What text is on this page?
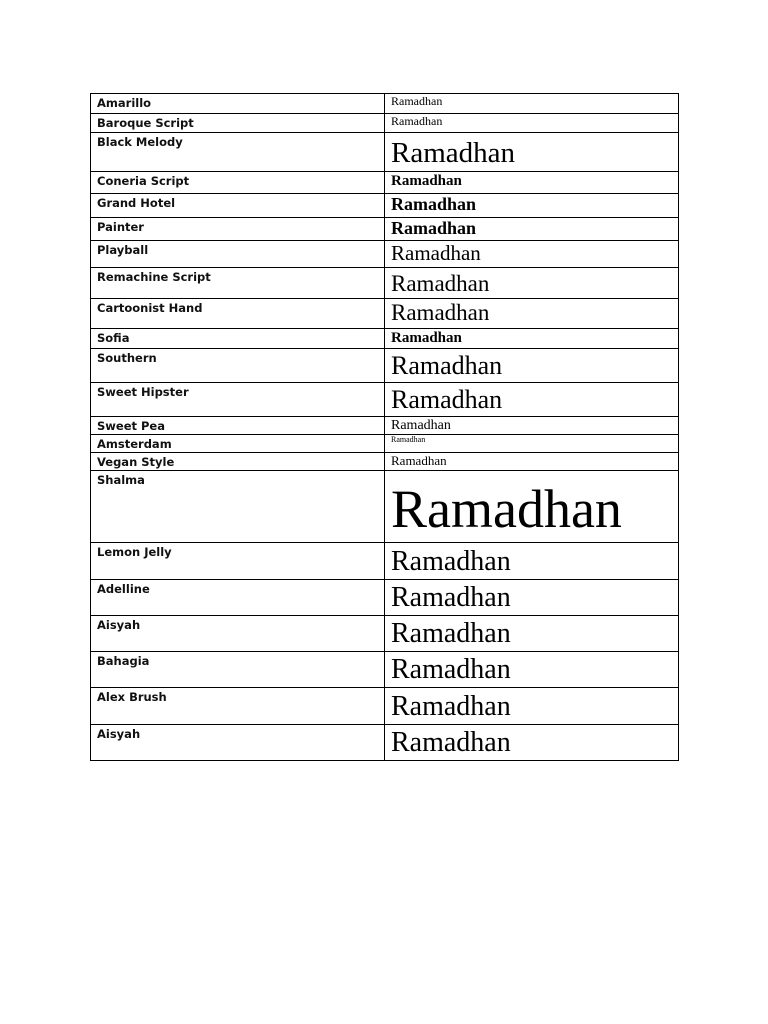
Amarillo	Ramadhan

Baroque Script	Ramadhan

Black Melody	Ramadhan

Coneria Script	Ramadhan

Grand Hotel	Ramadhan

Painter	Ramadhan

Playball	Ramadhan

Remachine Script	Ramadhan

Cartoonist Hand	Ramadhan

Sofia	Ramadhan

Southern	Ramadhan

Sweet Hipster	Ramadhan

Sweet Pea	Ramadhan

Amsterdam	Ramadhan

Vegan Style	Ramadhan

Shalma	Ramadhan

Lemon Jelly	Ramadhan

Adelline	Ramadhan

Aisyah	Ramadhan

Bahagia	Ramadhan

Alex Brush	Ramadhan

Aisyah	Ramadhan
